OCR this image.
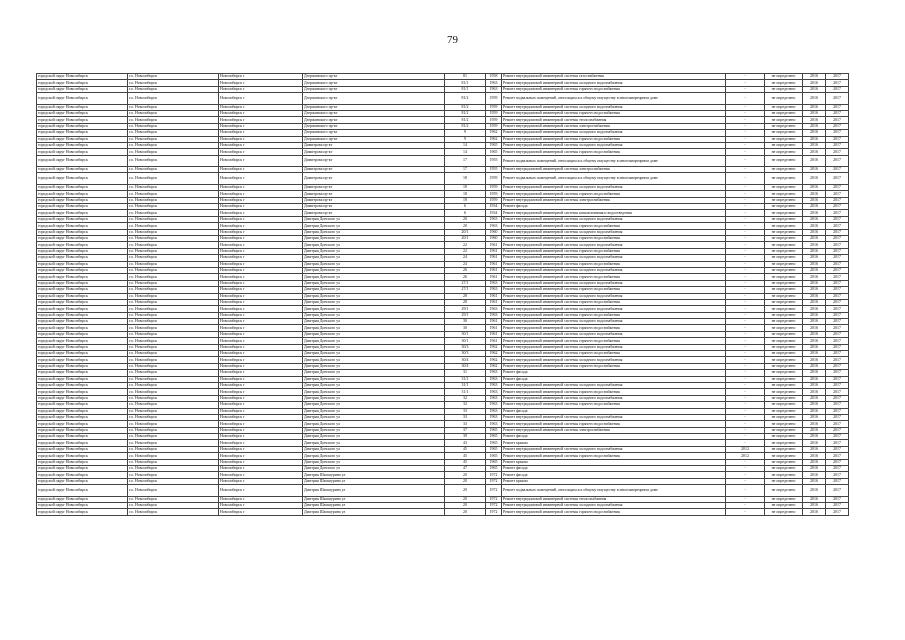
79
городской округ Новосибирск	г.о. Новосибирск	Новосибирск г	Дзержинского пр-кт	81	1958	Ремонт внутридомовой инженерной системы газоснабжения	-	не определено	2016	2017
городской округ Новосибирск	г.о. Новосибирск	Новосибирск г	Дзержинского пр-кт	81/1	1963	Ремонт внутридомовой инженерной системы холодного водоснабжения	-	не определено	2016	2017
городской округ Новосибирск	г.о. Новосибирск	Новосибирск г	Дзержинского пр-кт	81/1	1963	Ремонт внутридомовой инженерной системы горячего водоснабжения	-	не определено	2016	2017
городской округ Новосибирск	г.о. Новосибирск	Новосибирск г	Дзержинского пр-кт	81/2	1959	Ремонт подвальных помещений, относящихся к общему имуществу в многоквартирном доме	-	не определено	2016	2017
городской округ Новосибирск	г.о. Новосибирск	Новосибирск г	Дзержинского пр-кт	81/2	1959	Ремонт внутридомовой инженерной системы холодного водоснабжения	-	не определено	2016	2017
городской округ Новосибирск	г.о. Новосибирск	Новосибирск г	Дзержинского пр-кт	81/2	1959	Ремонт внутридомовой инженерной системы горячего водоснабжения	-	не определено	2016	2017
городской округ Новосибирск	г.о. Новосибирск	Новосибирск г	Дзержинского пр-кт	81/2	1959	Ремонт внутридомовой инженерной системы теплоснабжения	-	не определено	2016	2017
городской округ Новосибирск	г.о. Новосибирск	Новосибирск г	Дзержинского пр-кт	81/2	1959	Ремонт внутридомовой инженерной системы электроснабжения	-	не определено	2016	2017
городской округ Новосибирск	г.о. Новосибирск	Новосибирск г	Дзержинского пр-кт	9	1962	Ремонт внутридомовой инженерной системы холодного водоснабжения	-	не определено	2016	2017
городской округ Новосибирск	г.о. Новосибирск	Новосибирск г	Дзержинского пр-кт	9	1962	Ремонт внутридомовой инженерной системы горячего водоснабжения	-	не определено	2016	2017
городской округ Новосибирск	г.о. Новосибирск	Новосибирск г	Димитрова пр-кт	14	1965	Ремонт внутридомовой инженерной системы холодного водоснабжения	-	не определено	2016	2017
городской округ Новосибирск	г.о. Новосибирск	Новосибирск г	Димитрова пр-кт	14	1965	Ремонт внутридомовой инженерной системы горячего водоснабжения	-	не определено	2016	2017
городской округ Новосибирск	г.о. Новосибирск	Новосибирск г	Димитрова пр-кт	17	1955	Ремонт подвальных помещений, относящихся к общему имуществу в многоквартирном доме	-	не определено	2016	2017
городской округ Новосибирск	г.о. Новосибирск	Новосибирск г	Димитрова пр-кт	17	1955	Ремонт внутридомовой инженерной системы электроснабжения	-	не определено	2016	2017
городской округ Новосибирск	г.о. Новосибирск	Новосибирск г	Димитрова пр-кт	18	1959	Ремонт подвальных помещений, относящихся к общему имуществу в многоквартирном доме	-	не определено	2016	2017
городской округ Новосибирск	г.о. Новосибирск	Новосибирск г	Димитрова пр-кт	18	1959	Ремонт внутридомовой инженерной системы холодного водоснабжения	-	не определено	2016	2017
городской округ Новосибирск	г.о. Новосибирск	Новосибирск г	Димитрова пр-кт	18	1959	Ремонт внутридомовой инженерной системы горячего водоснабжения	-	не определено	2016	2017
городской округ Новосибирск	г.о. Новосибирск	Новосибирск г	Димитрова пр-кт	18	1959	Ремонт внутридомовой инженерной системы электроснабжения	-	не определено	2016	2017
городской округ Новосибирск	г.о. Новосибирск	Новосибирск г	Димитрова пр-кт	6	1934	Ремонт фасада	-	не определено	2016	2017
городской округ Новосибирск	г.о. Новосибирск	Новосибирск г	Димитрова пр-кт	6	1934	Ремонт внутридомовой инженерной системы канализования и водоотведения	-	не определено	2016	2017
городской округ Новосибирск	г.о. Новосибирск	Новосибирск г	Дмитрия Донского ул	20	1963	Ремонт внутридомовой инженерной системы холодного водоснабжения	-	не определено	2016	2017
городской округ Новосибирск	г.о. Новосибирск	Новосибирск г	Дмитрия Донского ул	20	1963	Ремонт внутридомовой инженерной системы горячего водоснабжения	-	не определено	2016	2017
городской округ Новосибирск	г.о. Новосибирск	Новосибирск г	Дмитрия Донского ул	20/1	1960	Ремонт внутридомовой инженерной системы холодного водоснабжения	-	не определено	2016	2017
городской округ Новосибирск	г.о. Новосибирск	Новосибирск г	Дмитрия Донского ул	20/1	1960	Ремонт внутридомовой инженерной системы горячего водоснабжения	-	не определено	2016	2017
городской округ Новосибирск	г.о. Новосибирск	Новосибирск г	Дмитрия Донского ул	22	1961	Ремонт внутридомовой инженерной системы холодного водоснабжения	-	не определено	2016	2017
городской округ Новосибирск	г.о. Новосибирск	Новосибирск г	Дмитрия Донского ул	22	1961	Ремонт внутридомовой инженерной системы горячего водоснабжения	-	не определено	2016	2017
городской округ Новосибирск	г.о. Новосибирск	Новосибирск г	Дмитрия Донского ул	24	1961	Ремонт внутридомовой инженерной системы холодного водоснабжения	-	не определено	2016	2017
городской округ Новосибирск	г.о. Новосибирск	Новосибирск г	Дмитрия Донского ул	24	1961	Ремонт внутридомовой инженерной системы горячего водоснабжения	-	не определено	2016	2017
городской округ Новосибирск	г.о. Новосибирск	Новосибирск г	Дмитрия Донского ул	26	1961	Ремонт внутридомовой инженерной системы холодного водоснабжения	-	не определено	2016	2017
городской округ Новосибирск	г.о. Новосибирск	Новосибирск г	Дмитрия Донского ул	26	1961	Ремонт внутридомовой инженерной системы горячего водоснабжения	-	не определено	2016	2017
городской округ Новосибирск	г.о. Новосибирск	Новосибирск г	Дмитрия Донского ул	27/1	1963	Ремонт внутридомовой инженерной системы холодного водоснабжения	-	не определено	2016	2017
городской округ Новосибирск	г.о. Новосибирск	Новосибирск г	Дмитрия Донского ул	27/1	1963	Ремонт внутридомовой инженерной системы горячего водоснабжения	-	не определено	2016	2017
городской округ Новосибирск	г.о. Новосибирск	Новосибирск г	Дмитрия Донского ул	28	1961	Ремонт внутридомовой инженерной системы холодного водоснабжения	-	не определено	2016	2017
городской округ Новосибирск	г.о. Новосибирск	Новосибирск г	Дмитрия Донского ул	28	1961	Ремонт внутридомовой инженерной системы горячего водоснабжения	-	не определено	2016	2017
городской округ Новосибирск	г.о. Новосибирск	Новосибирск г	Дмитрия Донского ул	29/1	1963	Ремонт внутридомовой инженерной системы холодного водоснабжения	-	не определено	2016	2017
городской округ Новосибирск	г.о. Новосибирск	Новосибирск г	Дмитрия Донского ул	29/1	1963	Ремонт внутридомовой инженерной системы горячего водоснабжения	-	не определено	2016	2017
городской округ Новосибирск	г.о. Новосибирск	Новосибирск г	Дмитрия Донского ул	30	1961	Ремонт внутридомовой инженерной системы холодного водоснабжения	-	не определено	2016	2017
городской округ Новосибирск	г.о. Новосибирск	Новосибирск г	Дмитрия Донского ул	30	1961	Ремонт внутридомовой инженерной системы горячего водоснабжения	-	не определено	2016	2017
городской округ Новосибирск	г.о. Новосибирск	Новосибирск г	Дмитрия Донского ул	30/1	1961	Ремонт внутридомовой инженерной системы холодного водоснабжения	-	не определено	2016	2017
городской округ Новосибирск	г.о. Новосибирск	Новосибирск г	Дмитрия Донского ул	30/1	1961	Ремонт внутридомовой инженерной системы горячего водоснабжения	-	не определено	2016	2017
городской округ Новосибирск	г.о. Новосибирск	Новосибирск г	Дмитрия Донского ул	30/3	1962	Ремонт внутридомовой инженерной системы холодного водоснабжения	-	не определено	2016	2017
городской округ Новосибирск	г.о. Новосибирск	Новосибирск г	Дмитрия Донского ул	30/3	1962	Ремонт внутридомовой инженерной системы горячего водоснабжения	-	не определено	2016	2017
городской округ Новосибирск	г.о. Новосибирск	Новосибирск г	Дмитрия Донского ул	30/4	1962	Ремонт внутридомовой инженерной системы холодного водоснабжения	-	не определено	2016	2017
городской округ Новосибирск	г.о. Новосибирск	Новосибирск г	Дмитрия Донского ул	30/4	1962	Ремонт внутридомовой инженерной системы горячего водоснабжения	-	не определено	2016	2017
городской округ Новосибирск	г.о. Новосибирск	Новосибирск г	Дмитрия Донского ул	31	1963	Ремонт фасада	-	не определено	2016	2017
городской округ Новосибирск	г.о. Новосибирск	Новосибирск г	Дмитрия Донского ул	31/1	1963	Ремонт фасада	-	не определено	2016	2017
городской округ Новосибирск	г.о. Новосибирск	Новосибирск г	Дмитрия Донского ул	31/1	1963	Ремонт внутридомовой инженерной системы холодного водоснабжения	-	не определено	2016	2017
городской округ Новосибирск	г.о. Новосибирск	Новосибирск г	Дмитрия Донского ул	31/1	1963	Ремонт внутридомовой инженерной системы горячего водоснабжения	-	не определено	2016	2017
городской округ Новосибирск	г.о. Новосибирск	Новосибирск г	Дмитрия Донского ул	32	1963	Ремонт внутридомовой инженерной системы холодного водоснабжения	-	не определено	2016	2017
городской округ Новосибирск	г.о. Новосибирск	Новосибирск г	Дмитрия Донского ул	32	1963	Ремонт внутридомовой инженерной системы горячего водоснабжения	-	не определено	2016	2017
городской округ Новосибирск	г.о. Новосибирск	Новосибирск г	Дмитрия Донского ул	33	1963	Ремонт фасада	-	не определено	2016	2017
городской округ Новосибирск	г.о. Новосибирск	Новосибирск г	Дмитрия Донского ул	33	1963	Ремонт внутридомовой инженерной системы холодного водоснабжения	-	не определено	2016	2017
городской округ Новосибирск	г.о. Новосибирск	Новосибирск г	Дмитрия Донского ул	33	1963	Ремонт внутридомовой инженерной системы горячего водоснабжения	-	не определено	2016	2017
городской округ Новосибирск	г.о. Новосибирск	Новосибирск г	Дмитрия Донского ул	37	1965	Ремонт внутридомовой инженерной системы электроснабжения	-	не определено	2016	2017
городской округ Новосибирск	г.о. Новосибирск	Новосибирск г	Дмитрия Донского ул	39	1965	Ремонт фасада	-	не определено	2016	2017
городской округ Новосибирск	г.о. Новосибирск	Новосибирск г	Дмитрия Донского ул	43	1965	Ремонт крыши	-	не определено	2016	2017
городской округ Новосибирск	г.о. Новосибирск	Новосибирск г	Дмитрия Донского ул	45	1965	Ремонт внутридомовой инженерной системы холодного водоснабжения	2012	не определено	2016	2017
городской округ Новосибирск	г.о. Новосибирск	Новосибирск г	Дмитрия Донского ул	45	1965	Ремонт внутридомовой инженерной системы горячего водоснабжения	2012	не определено	2016	2017
городской округ Новосибирск	г.о. Новосибирск	Новосибирск г	Дмитрия Донского ул	45	1965	Ремонт крыши	-	не определено	2016	2017
городской округ Новосибирск	г.о. Новосибирск	Новосибирск г	Дмитрия Донского ул	47	1965	Ремонт фасада	-	не определено	2016	2017
городской округ Новосибирск	г.о. Новосибирск	Новосибирск г	Дмитрия Шамшурина ул	20	1972	Ремонт фасада	-	не определено	2016	2017
городской округ Новосибирск	г.о. Новосибирск	Новосибирск г	Дмитрия Шамшурина ул	20	1972	Ремонт крыши	-	не определено	2016	2017
городской округ Новосибирск	г.о. Новосибирск	Новосибирск г	Дмитрия Шамшурина ул	20	1972	Ремонт подвальных помещений, относящихся к общему имуществу в многоквартирном доме	-	не определено	2016	2017
городской округ Новосибирск	г.о. Новосибирск	Новосибирск г	Дмитрия Шамшурина ул	20	1972	Ремонт внутридомовой инженерной системы теплоснабжения	-	не определено	2016	2017
городской округ Новосибирск	г.о. Новосибирск	Новосибирск г	Дмитрия Шамшурина ул	20	1972	Ремонт внутридомовой инженерной системы холодного водоснабжения	-	не определено	2016	2017
городской округ Новосибирск	г.о. Новосибирск	Новосибирск г	Дмитрия Шамшурина ул	20	1972	Ремонт внутридомовой инженерной системы горячего водоснабжения	-	не определено	2016	2017
